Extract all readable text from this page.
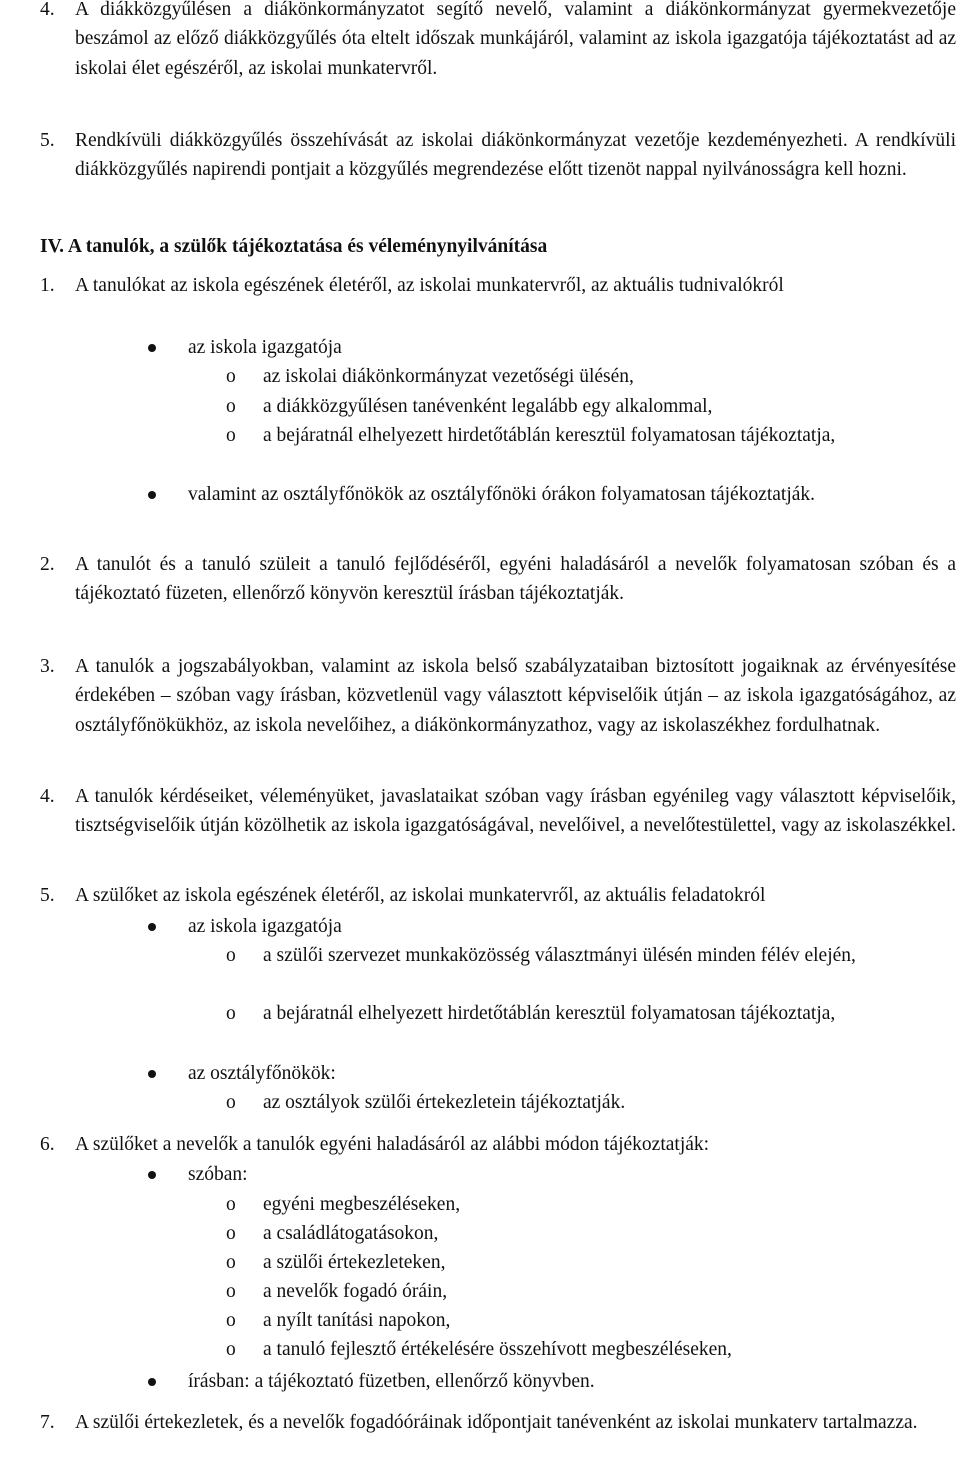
4. A diákközgyűlésen a diákönkormányzatot segítő nevelő, valamint a diákönkormányzat gyermekvezetője beszámol az előző diákközgyűlés óta eltelt időszak munkájáról, valamint az iskola igazgatója tájékoztatást ad az iskolai élet egészéről, az iskolai munkatervről.
5. Rendkívüli diákközgyűlés összehívását az iskolai diákönkormányzat vezetője kezdeményezheti. A rendkívüli diákközgyűlés napirendi pontjait a közgyűlés megrendezése előtt tizenöt nappal nyilvánosságra kell hozni.
IV. A tanulók, a szülők tájékoztatása és véleménynyilvánítása
1. A tanulókat az iskola egészének életéről, az iskolai munkatervről, az aktuális tudnivalókról
az iskola igazgatója
o az iskolai diákönkormányzat vezetőségi ülésén,
o a diákközgyűlésen tanévenként legalább egy alkalommal,
o a bejáratnál elhelyezett hirdetőtáblán keresztül folyamatosan tájékoztatja,
valamint az osztályfőnökök az osztályfőnöki órákon folyamatosan tájékoztatják.
2. A tanulót és a tanuló szüleit a tanuló fejlődéséről, egyéni haladásáról a nevelők folyamatosan szóban és a tájékoztató füzeten, ellenőrző könyvön keresztül írásban tájékoztatják.
3. A tanulók a jogszabályokban, valamint az iskola belső szabályzataiban biztosított jogaiknak az érvényesítése érdekében – szóban vagy írásban, közvetlenül vagy választott képviselőik útján – az iskola igazgatóságához, az osztályfőnökükhöz, az iskola nevelőihez, a diákönkormányzathoz, vagy az iskolaszékhez fordulhatnak.
4. A tanulók kérdéseiket, véleményüket, javaslataikat szóban vagy írásban egyénileg vagy választott képviselőik, tisztségviselőik útján közölhetik az iskola igazgatóságával, nevelőivel, a nevelőtestülettel, vagy az iskolaszékkel.
5. A szülőket az iskola egészének életéről, az iskolai munkatervről, az aktuális feladatokról
az iskola igazgatója
o a szülői szervezet munkaközösség választmányi ülésén minden félév elején,
o a bejáratnál elhelyezett hirdetőtáblán keresztül folyamatosan tájékoztatja,
az osztályfőnökök:
o az osztályok szülői értekezletein tájékoztatják.
6. A szülőket a nevelők a tanulók egyéni haladásáról az alábbi módon tájékoztatják:
szóban:
o egyéni megbeszéléseken,
o a családlátogatásokon,
o a szülői értekezleteken,
o a nevelők fogadó óráin,
o a nyílt tanítási napokon,
o a tanuló fejlesztő értékelésére összehívott megbeszéléseken,
írásban: a tájékoztató füzetben, ellenőrző könyvben.
7. A szülői értekezletek, és a nevelők fogadóóráinak időpontjait tanévenként az iskolai munkaterv tartalmazza.
